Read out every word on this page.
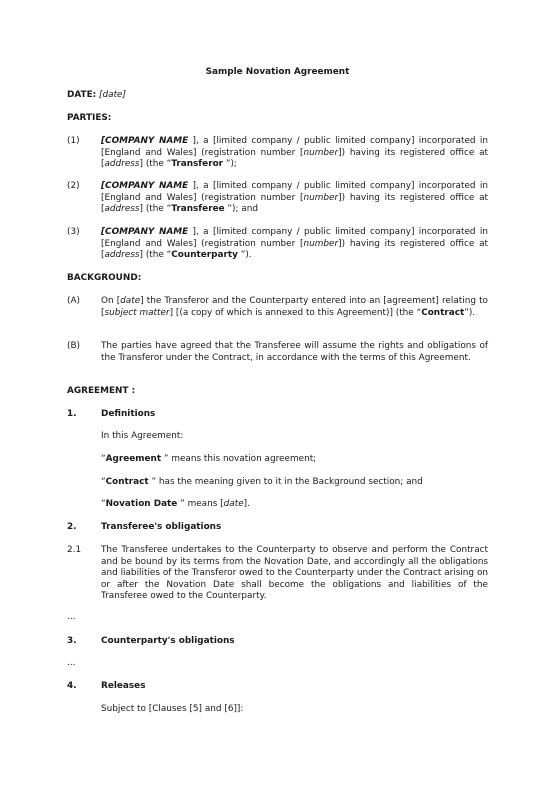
Sample Novation Agreement
DATE: [date]
PARTIES:
(1) [COMPANY NAME ], a [limited company / public limited company] incorporated in [England and Wales] (registration number [number]) having its registered office at [address] (the “Transferor ”);
(2) [COMPANY NAME ], a [limited company / public limited company] incorporated in [England and Wales] (registration number [number]) having its registered office at [address] (the “Transferee ”); and
(3) [COMPANY NAME ], a [limited company / public limited company] incorporated in [England and Wales] (registration number [number]) having its registered office at [address] (the “Counterparty ”).
BACKGROUND:
(A) On [date] the Transferor and the Counterparty entered into an [agreement] relating to [subject matter] [(a copy of which is annexed to this Agreement)] (the “Contract”).
(B) The parties have agreed that the Transferee will assume the rights and obligations of the Transferor under the Contract, in accordance with the terms of this Agreement.
AGREEMENT :
1.	Definitions
In this Agreement:
“Agreement ” means this novation agreement;
“Contract ” has the meaning given to it in the Background section; and
“Novation Date ” means [date].
2.	Transferee's obligations
2.1 The Transferee undertakes to the Counterparty to observe and perform the Contract and be bound by its terms from the Novation Date, and accordingly all the obligations and liabilities of the Transferor owed to the Counterparty under the Contract arising on or after the Novation Date shall become the obligations and liabilities of the Transferee owed to the Counterparty.
...
3.	Counterparty's obligations
...
4.	Releases
Subject to [Clauses [5] and [6]]:
